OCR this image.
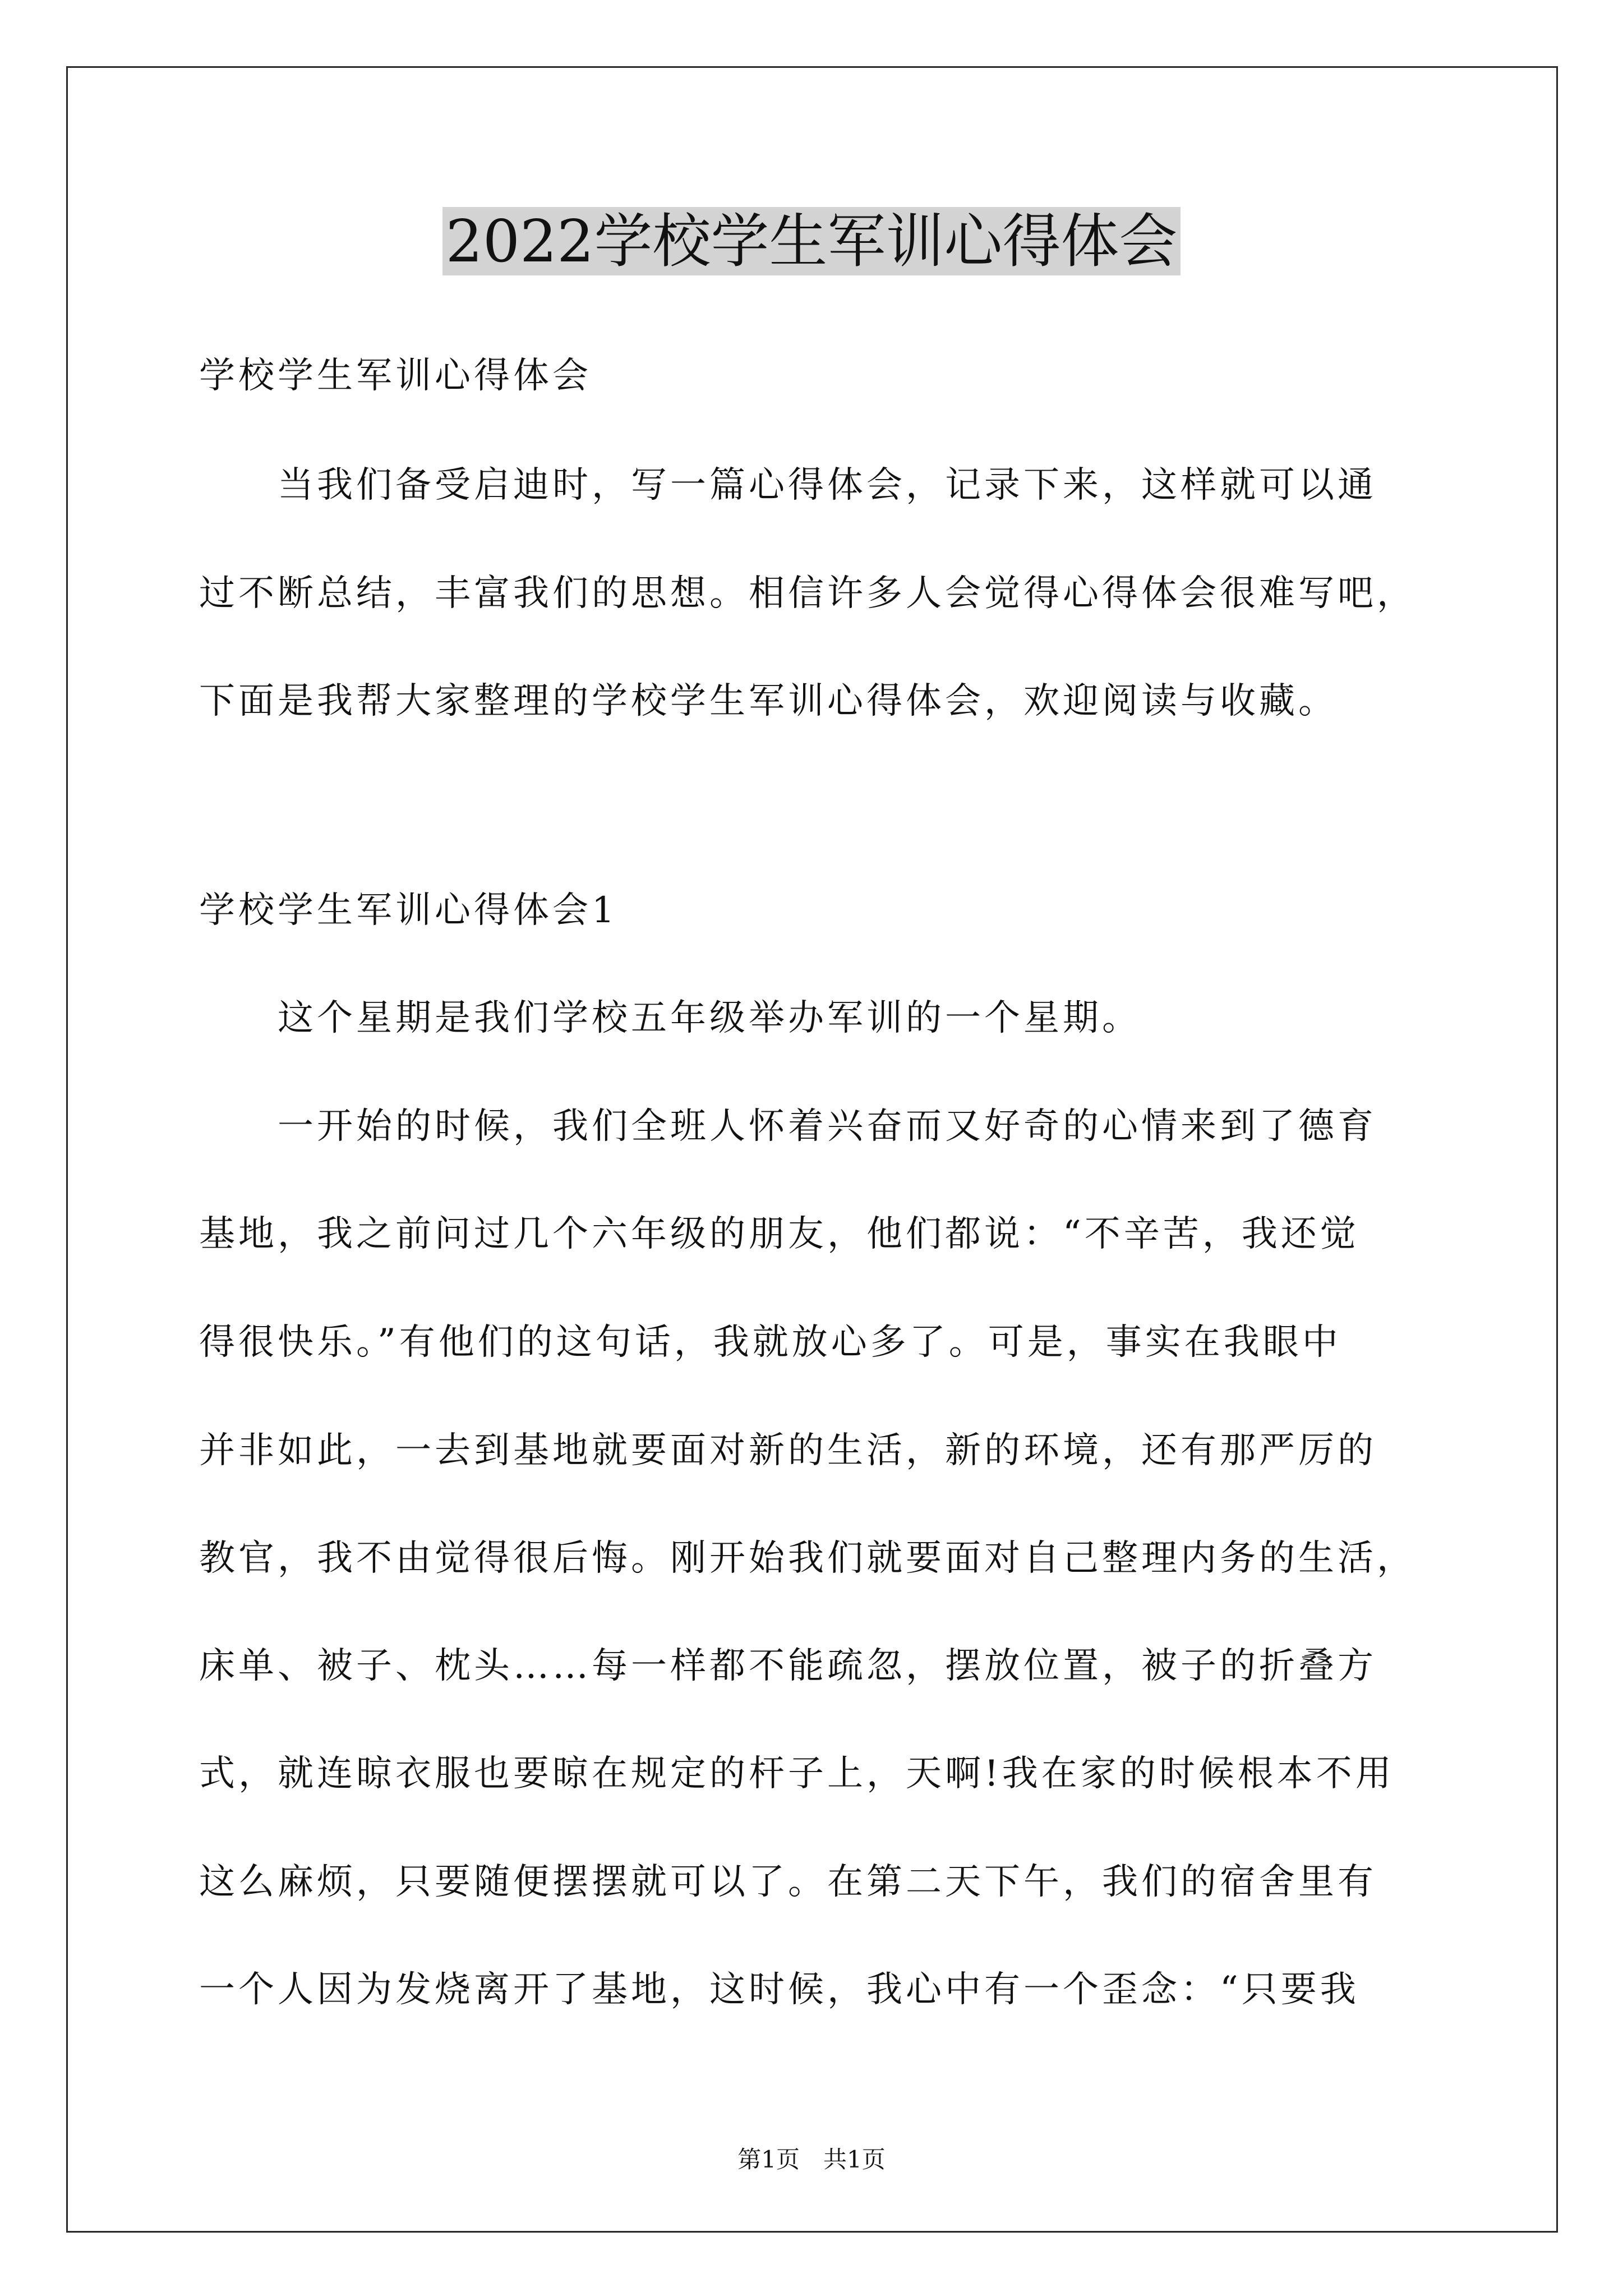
2022学校学生军训心得体会
学校学生军训心得体会
　　当我们备受启迪时，写一篇心得体会，记录下来，这样就可以通
过不断总结，丰富我们的思想。相信许多人会觉得心得体会很难写吧，
下面是我帮大家整理的学校学生军训心得体会，欢迎阅读与收藏。
学校学生军训心得体会1
　　这个星期是我们学校五年级举办军训的一个星期。
　　一开始的时候，我们全班人怀着兴奋而又好奇的心情来到了德育
基地，我之前问过几个六年级的朋友，他们都说：“不辛苦，我还觉
得很快乐。”有他们的这句话，我就放心多了。可是，事实在我眼中
并非如此，一去到基地就要面对新的生活，新的环境，还有那严厉的
教官，我不由觉得很后悔。刚开始我们就要面对自己整理内务的生活，
床单、被子、枕头……每一样都不能疏忽，摆放位置，被子的折叠方
式，就连晾衣服也要晾在规定的杆子上，天啊!我在家的时候根本不用
这么麻烦，只要随便摆摆就可以了。在第二天下午，我们的宿舍里有
一个人因为发烧离开了基地，这时候，我心中有一个歪念：“只要我
第1页　共1页
